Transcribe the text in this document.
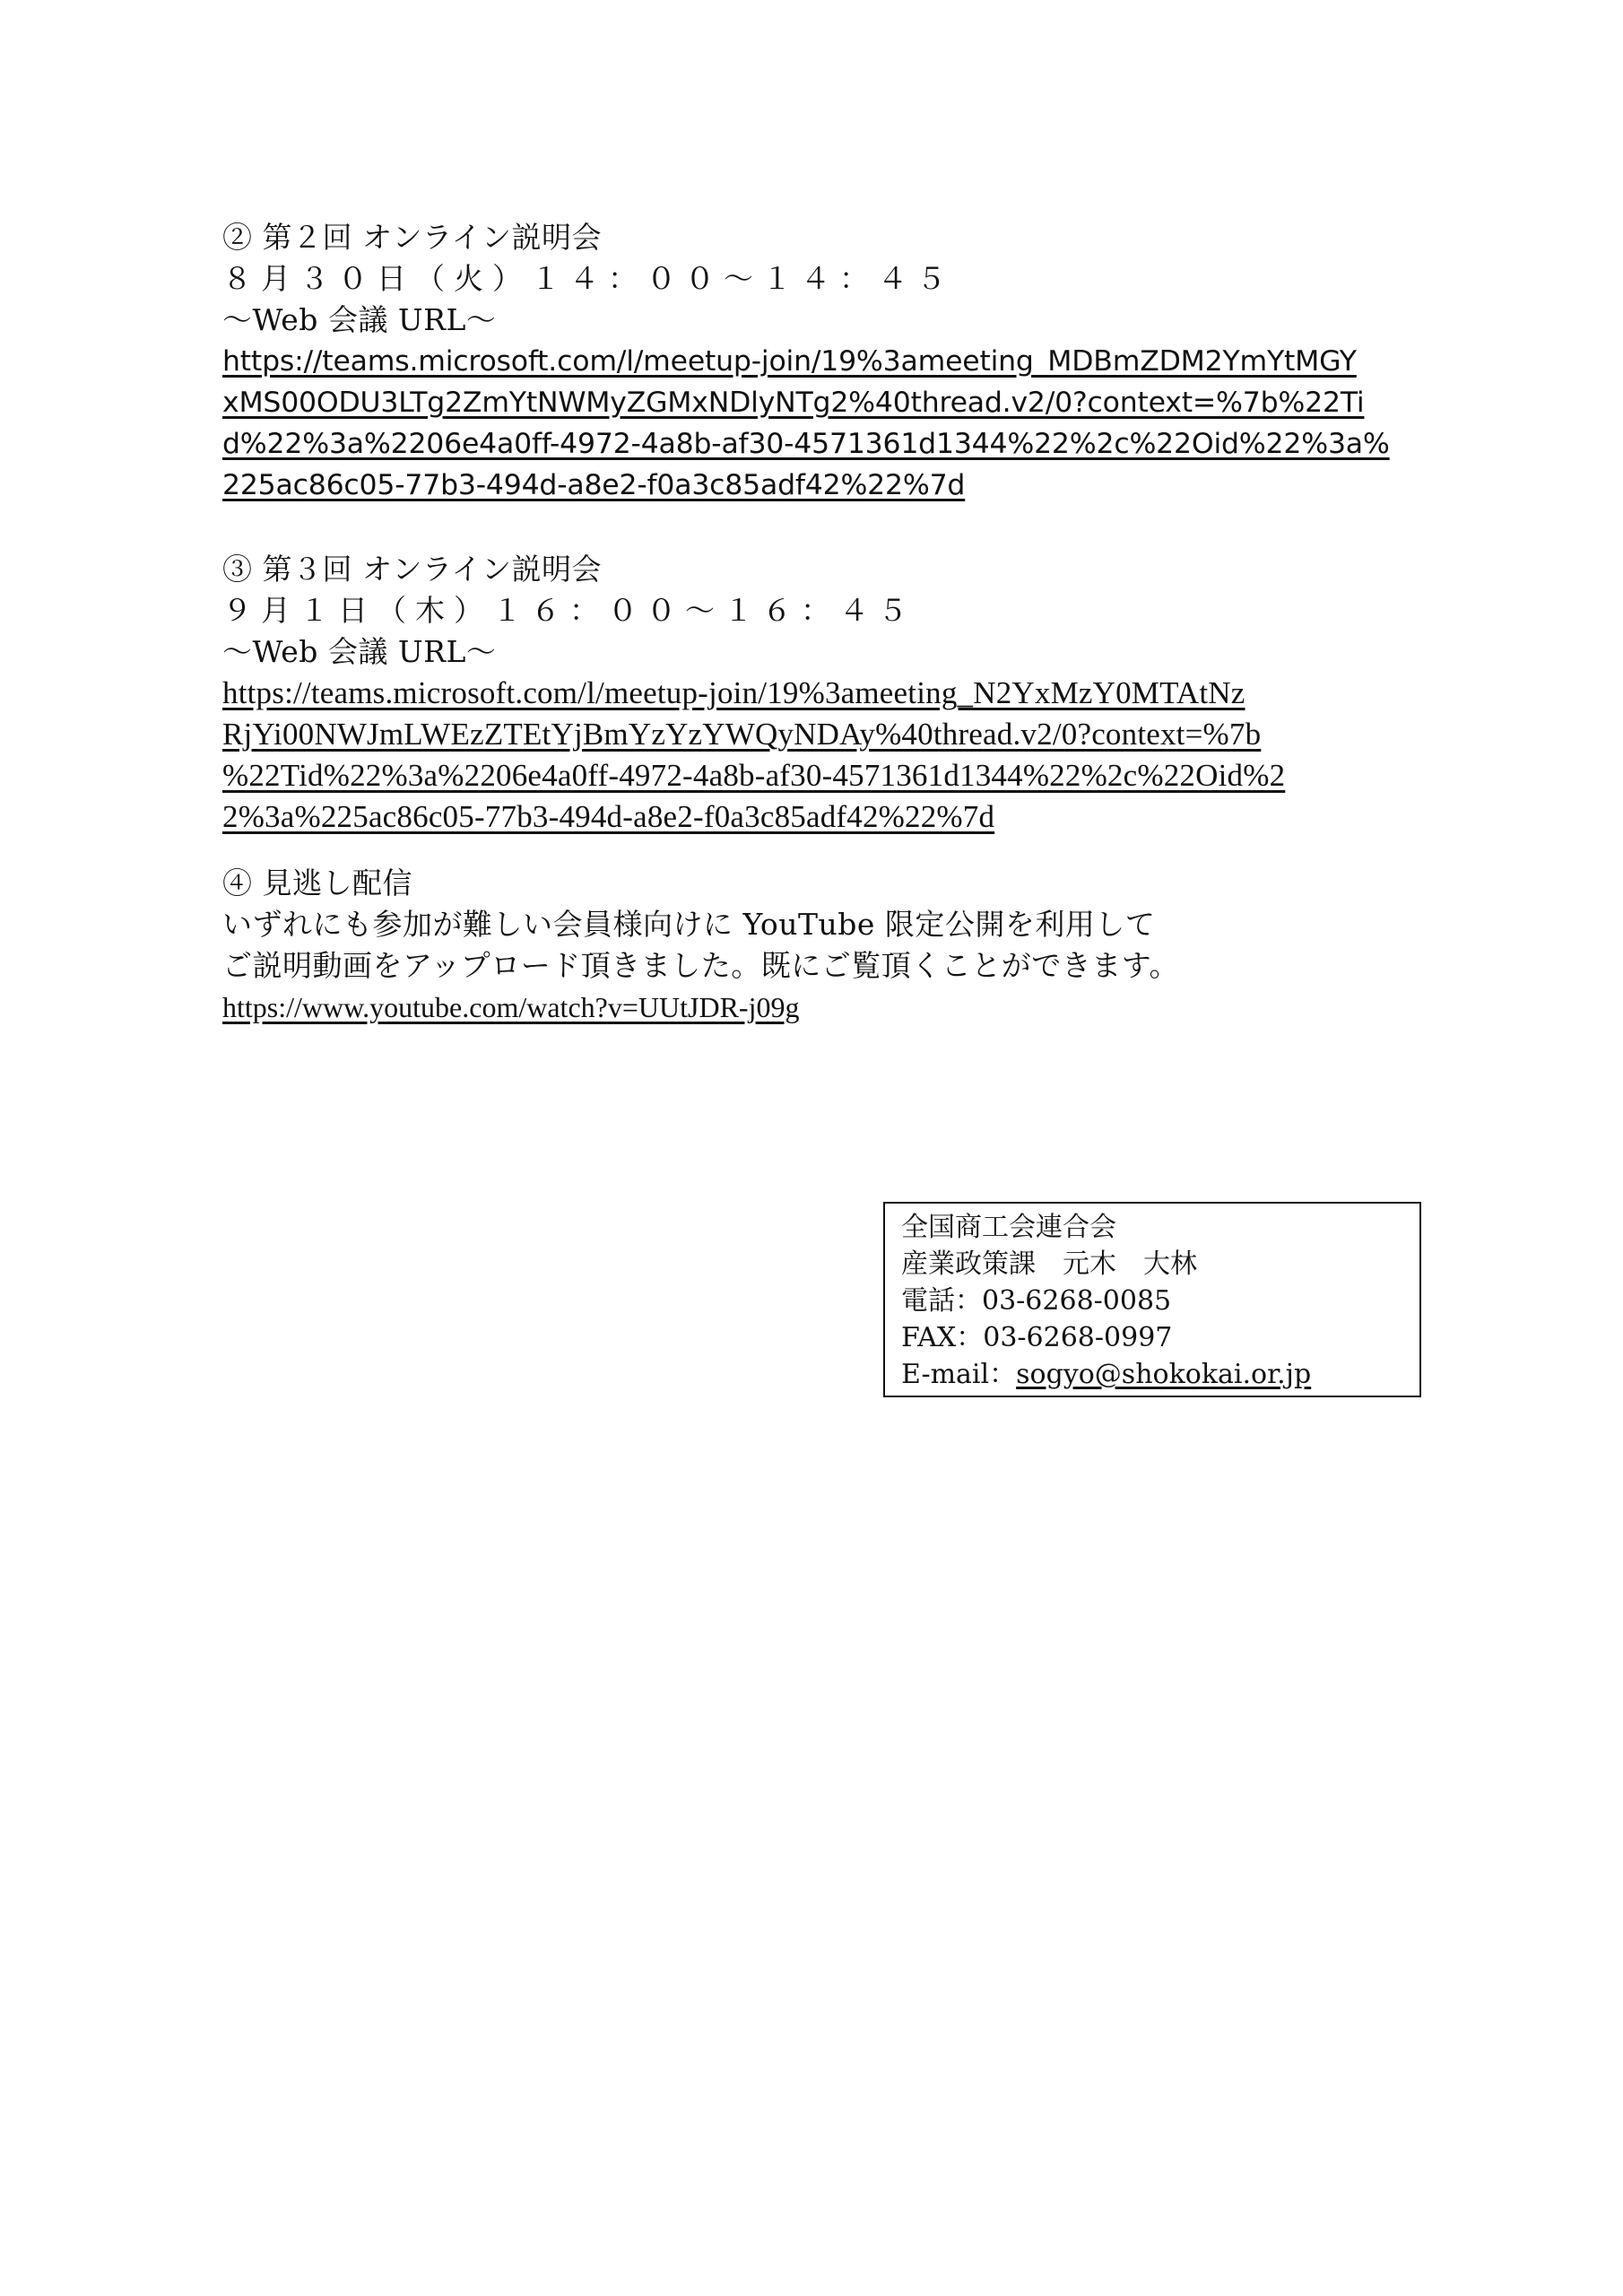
② 第２回 オンライン説明会
８月３０日（火）１４：００～１４：４５
～Web 会議 URL～
https://teams.microsoft.com/l/meetup-join/19%3ameeting_MDBmZDM2YmYtMGY
xMS00ODU3LTg2ZmYtNWMyZGMxNDlyNTg2%40thread.v2/0?context=%7b%22Ti
d%22%3a%2206e4a0ff-4972-4a8b-af30-4571361d1344%22%2c%22Oid%22%3a%
225ac86c05-77b3-494d-a8e2-f0a3c85adf42%22%7d
③ 第３回 オンライン説明会
９月１日（木）１６：００～１６：４５
～Web 会議 URL～
https://teams.microsoft.com/l/meetup-join/19%3ameeting_N2YxMzY0MTAtNz
RjYi00NWJmLWEzZTEtYjBmYzYzYWQyNDAy%40thread.v2/0?context=%7b
%22Tid%22%3a%2206e4a0ff-4972-4a8b-af30-4571361d1344%22%2c%22Oid%2
2%3a%225ac86c05-77b3-494d-a8e2-f0a3c85adf42%22%7d
④ 見逃し配信
いずれにも参加が難しい会員様向けに YouTube 限定公開を利用して
ご説明動画をアップロード頂きました。既にご覧頂くことができます。
https://www.youtube.com/watch?v=UUtJDR-j09g
全国商工会連合会
産業政策課　元木　大林
電話：03-6268-0085
FAX：03-6268-0997
E-mail：sogyo@shokokai.or.jp
